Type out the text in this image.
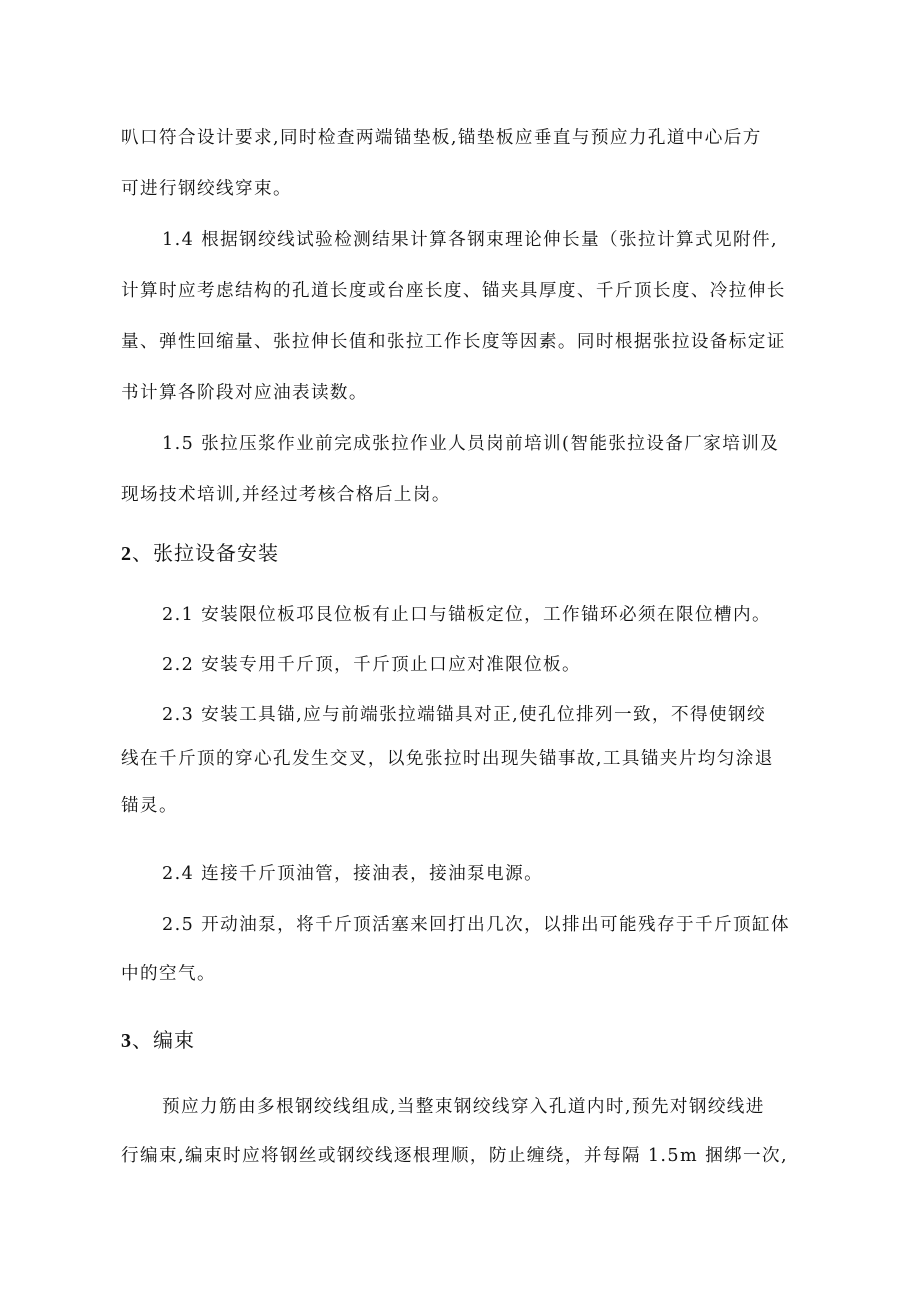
叭口符合设计要求,同时检查两端锚垫板,锚垫板应垂直与预应力孔道中心后方
可进行钢绞线穿束。
1.4 根据钢绞线试验检测结果计算各钢束理论伸长量（张拉计算式见附件,
计算时应考虑结构的孔道长度或台座长度、锚夹具厚度、千斤顶长度、冷拉伸长
量、弹性回缩量、张拉伸长值和张拉工作长度等因素。同时根据张拉设备标定证
书计算各阶段对应油表读数。
1.5 张拉压浆作业前完成张拉作业人员岗前培训(智能张拉设备厂家培训及
现场技术培训,并经过考核合格后上岗。
2、张拉设备安装
2.1 安装限位板邛艮位板有止口与锚板定位，工作锚环必须在限位槽内。
2.2 安装专用千斤顶，千斤顶止口应对准限位板。
2.3 安装工具锚,应与前端张拉端锚具对正,使孔位排列一致，不得使钢绞
线在千斤顶的穿心孔发生交叉，以免张拉时出现失锚事故,工具锚夹片均匀涂退
锚灵。
2.4 连接千斤顶油管，接油表，接油泵电源。
2.5 开动油泵，将千斤顶活塞来回打出几次，以排出可能残存于千斤顶缸体
中的空气。
3、编束
预应力筋由多根钢绞线组成,当整束钢绞线穿入孔道内时,预先对钢绞线进
行编束,编束时应将钢丝或钢绞线逐根理顺，防止缠绕，并每隔 1.5m 捆绑一次,
